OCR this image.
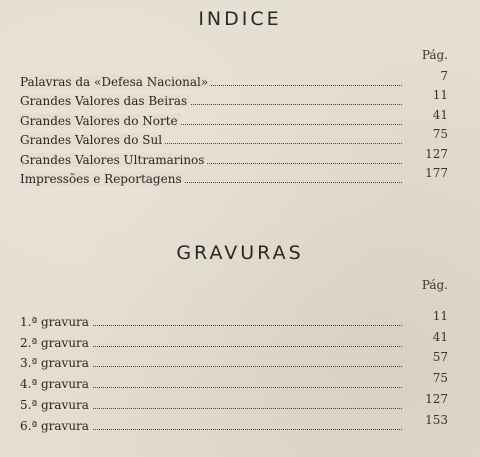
INDICE
Pág.
Palavras da «Defesa Nacional»	7
Grandes Valores das Beiras	11
Grandes Valores do Norte	41
Grandes Valores do Sul	75
Grandes Valores Ultramarinos	127
Impressões e Reportagens	177
GRAVURAS
Pág.
1.ª gravura	11
2.ª gravura	41
3.ª gravura	57
4.ª gravura	75
5.ª gravura	127
6.ª gravura	153
